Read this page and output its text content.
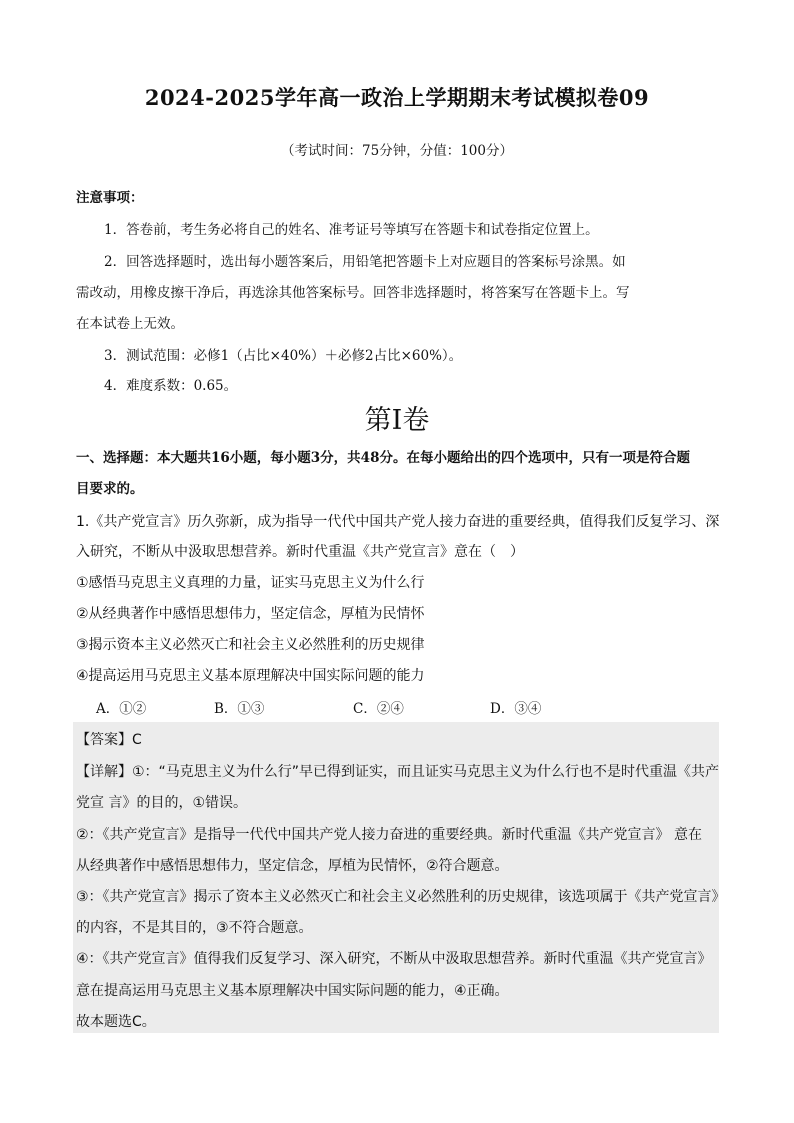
2024-2025学年高一政治上学期期末考试模拟卷09
（考试时间：75分钟，分值：100分）
注意事项：
1．答卷前，考生务必将自己的姓名、准考证号等填写在答题卡和试卷指定位置上。
2．回答选择题时，选出每小题答案后，用铅笔把答题卡上对应题目的答案标号涂黑。如
需改动，用橡皮擦干净后，再选涂其他答案标号。回答非选择题时，将答案写在答题卡上。写
在本试卷上无效。
3．测试范围：必修1（占比×40%）＋必修2占比×60%）。
4．难度系数：0.65。
第Ⅰ卷
一、选择题：本大题共16小题，每小题3分，共48分。在每小题给出的四个选项中，只有一项是符合题
目要求的。
1.《共产党宣言》历久弥新，成为指导一代代中国共产党人接力奋进的重要经典，值得我们反复学习、深
入研究，不断从中汲取思想营养。新时代重温《共产党宣言》意在（　）
①感悟马克思主义真理的力量，证实马克思主义为什么行
②从经典著作中感悟思想伟力，坚定信念，厚植为民情怀
③揭示资本主义必然灭亡和社会主义必然胜利的历史规律
④提高运用马克思主义基本原理解决中国实际问题的能力
A．①②	B．①③	C．②④	D．③④
【答案】C
【详解】①：“马克思主义为什么行”早已得到证实，而且证实马克思主义为什么行也不是时代重温《共产
党宣 言》的目的，①错误。
②：《共产党宣言》是指导一代代中国共产党人接力奋进的重要经典。新时代重温《共产党宣言》 意在
从经典著作中感悟思想伟力，坚定信念，厚植为民情怀，②符合题意。
③：《共产党宣言》揭示了资本主义必然灭亡和社会主义必然胜利的历史规律，该选项属于《共产党宣言》
的内容，不是其目的，③不符合题意。
④：《共产党宣言》值得我们反复学习、深入研究，不断从中汲取思想营养。新时代重温《共产党宣言》
意在提高运用马克思主义基本原理解决中国实际问题的能力，④正确。
故本题选C。
